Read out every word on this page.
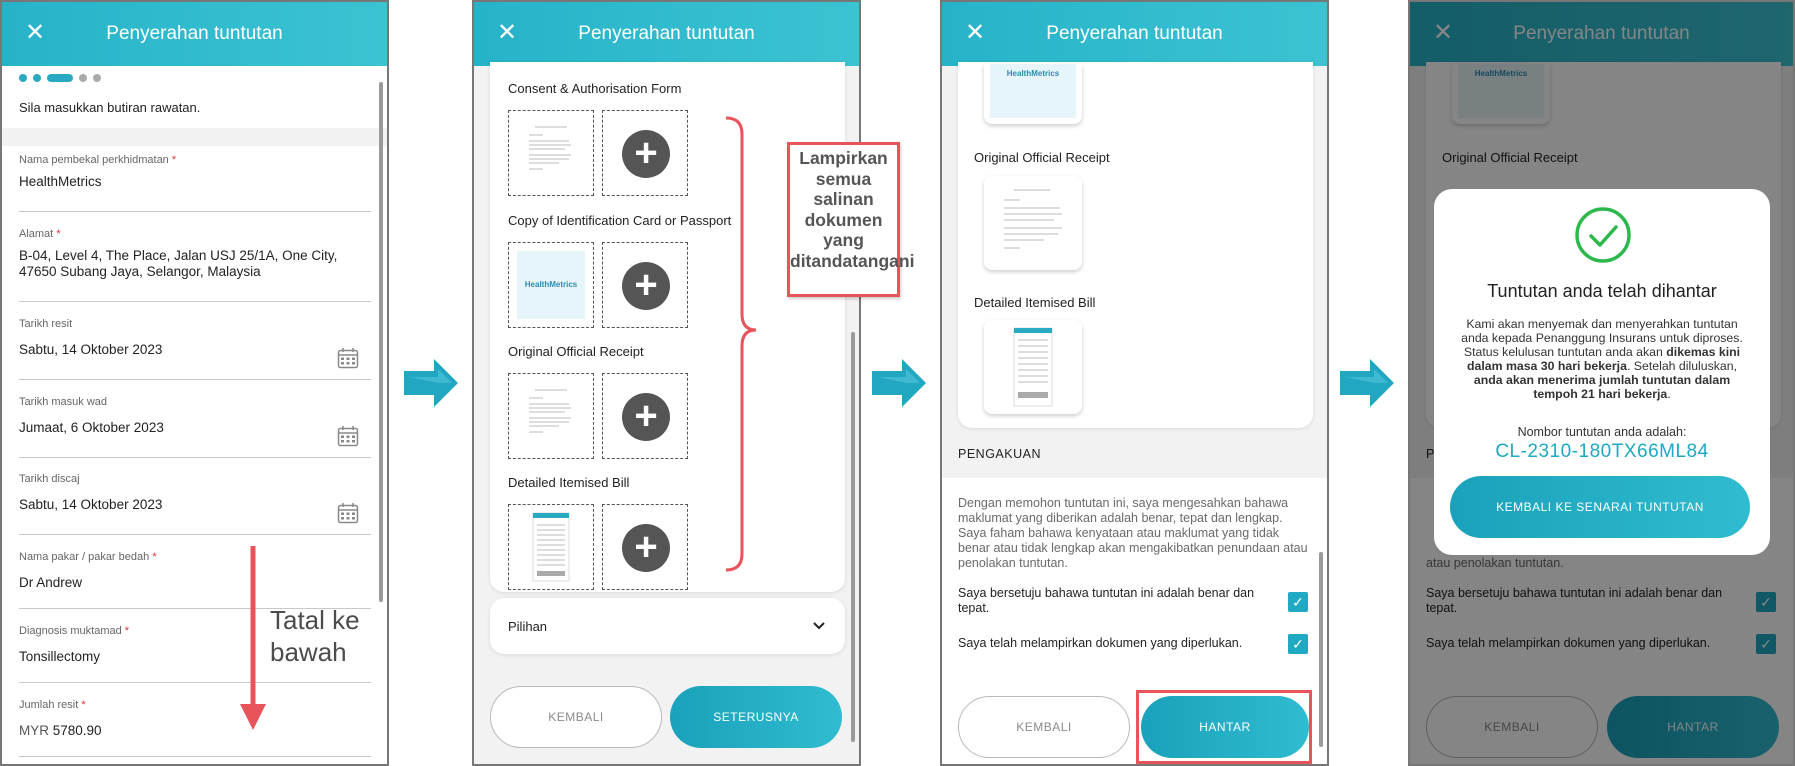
✕	Penyerahan tuntutan
Sila masukkan butiran rawatan.
Nama pembekal perkhidmatan *
HealthMetrics
Alamat *
B-04, Level 4, The Place, Jalan USJ 25/1A, One City, 47650 Subang Jaya, Selangor, Malaysia
Tarikh resit
Sabtu, 14 Oktober 2023
Tarikh masuk wad
Jumaat, 6 Oktober 2023
Tarikh discaj
Sabtu, 14 Oktober 2023
Nama pakar / pakar bedah *
Dr Andrew
Diagnosis muktamad *
Tonsillectomy
Jumlah resit *
MYR 5780.90
Tatal ke bawah
✕	Penyerahan tuntutan
Consent & Authorisation Form
+
Copy of Identification Card or Passport
HealthMetrics	+
Original Official Receipt
+
Detailed Itemised Bill
+
Pilihan
KEMBALI	SETERUSNYA
Lampirkan semua salinan dokumen yang ditandatangani
✕	Penyerahan tuntutan
HealthMetrics
Original Official Receipt
Detailed Itemised Bill
PENGAKUAN
Dengan memohon tuntutan ini, saya mengesahkan bahawa maklumat yang diberikan adalah benar, tepat dan lengkap. Saya faham bahawa kenyataan atau maklumat yang tidak benar atau tidak lengkap akan mengakibatkan penundaan atau penolakan tuntutan.
Saya bersetuju bahawa tuntutan ini adalah benar dan tepat.	✓
Saya telah melampirkan dokumen yang diperlukan.	✓
KEMBALI	HANTAR
✕	Penyerahan tuntutan
HealthMetrics
Original Official Receipt
P
atau penolakan tuntutan.
Saya bersetuju bahawa tuntutan ini adalah benar dan tepat.	✓
Saya telah melampirkan dokumen yang diperlukan.	✓
KEMBALI	HANTAR
Tuntutan anda telah dihantar
Kami akan menyemak dan menyerahkan tuntutan anda kepada Penanggung Insurans untuk diproses. Status kelulusan tuntutan anda akan dikemas kini dalam masa 30 hari bekerja. Setelah diluluskan, anda akan menerima jumlah tuntutan dalam tempoh 21 hari bekerja.
Nombor tuntutan anda adalah:
CL-2310-180TX66ML84
KEMBALI KE SENARAI TUNTUTAN
